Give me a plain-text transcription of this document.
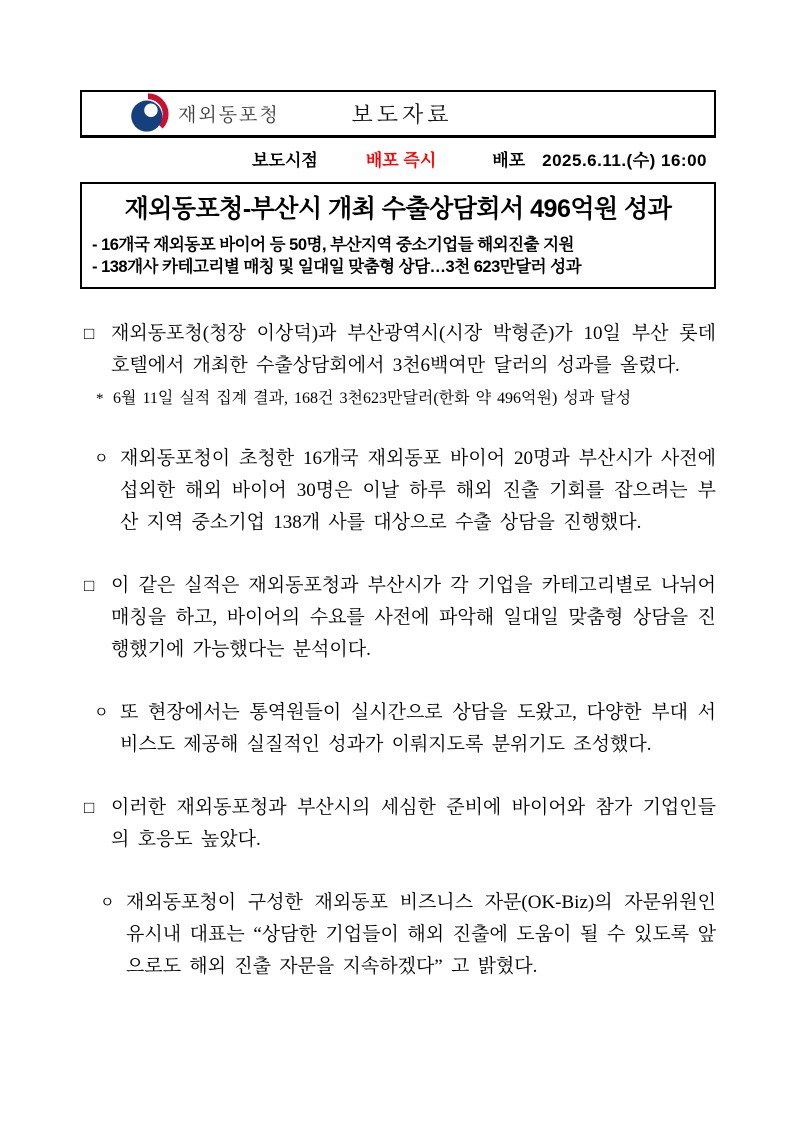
재외동포청	보도자료
보도시점	배포 즉시	배포 2025.6.11.(수) 16:00
재외동포청-부산시 개최 수출상담회서 496억원 성과
- 16개국 재외동포 바이어 등 50명, 부산지역 중소기업들 해외진출 지원
- 138개사 카테고리별 매칭 및 일대일 맞춤형 상담…3천 623만달러 성과
□ 재외동포청(청장 이상덕)과 부산광역시(시장 박형준)가 10일 부산 롯데호텔에서 개최한 수출상담회에서 3천6백여만 달러의 성과를 올렸다.
* 6월 11일 실적 집계 결과, 168건 3천623만달러(한화 약 496억원) 성과 달성
ㅇ 재외동포청이 초청한 16개국 재외동포 바이어 20명과 부산시가 사전에 섭외한 해외 바이어 30명은 이날 하루 해외 진출 기회를 잡으려는 부산 지역 중소기업 138개 사를 대상으로 수출 상담을 진행했다.
□ 이 같은 실적은 재외동포청과 부산시가 각 기업을 카테고리별로 나뉘어 매칭을 하고, 바이어의 수요를 사전에 파악해 일대일 맞춤형 상담을 진행했기에 가능했다는 분석이다.
ㅇ 또 현장에서는 통역원들이 실시간으로 상담을 도왔고, 다양한 부대 서비스도 제공해 실질적인 성과가 이뤄지도록 분위기도 조성했다.
□ 이러한 재외동포청과 부산시의 세심한 준비에 바이어와 참가 기업인들의 호응도 높았다.
ㅇ 재외동포청이 구성한 재외동포 비즈니스 자문(OK-Biz)의 자문위원인 유시내 대표는 “상담한 기업들이 해외 진출에 도움이 될 수 있도록 앞으로도 해외 진출 자문을 지속하겠다” 고 밝혔다.
